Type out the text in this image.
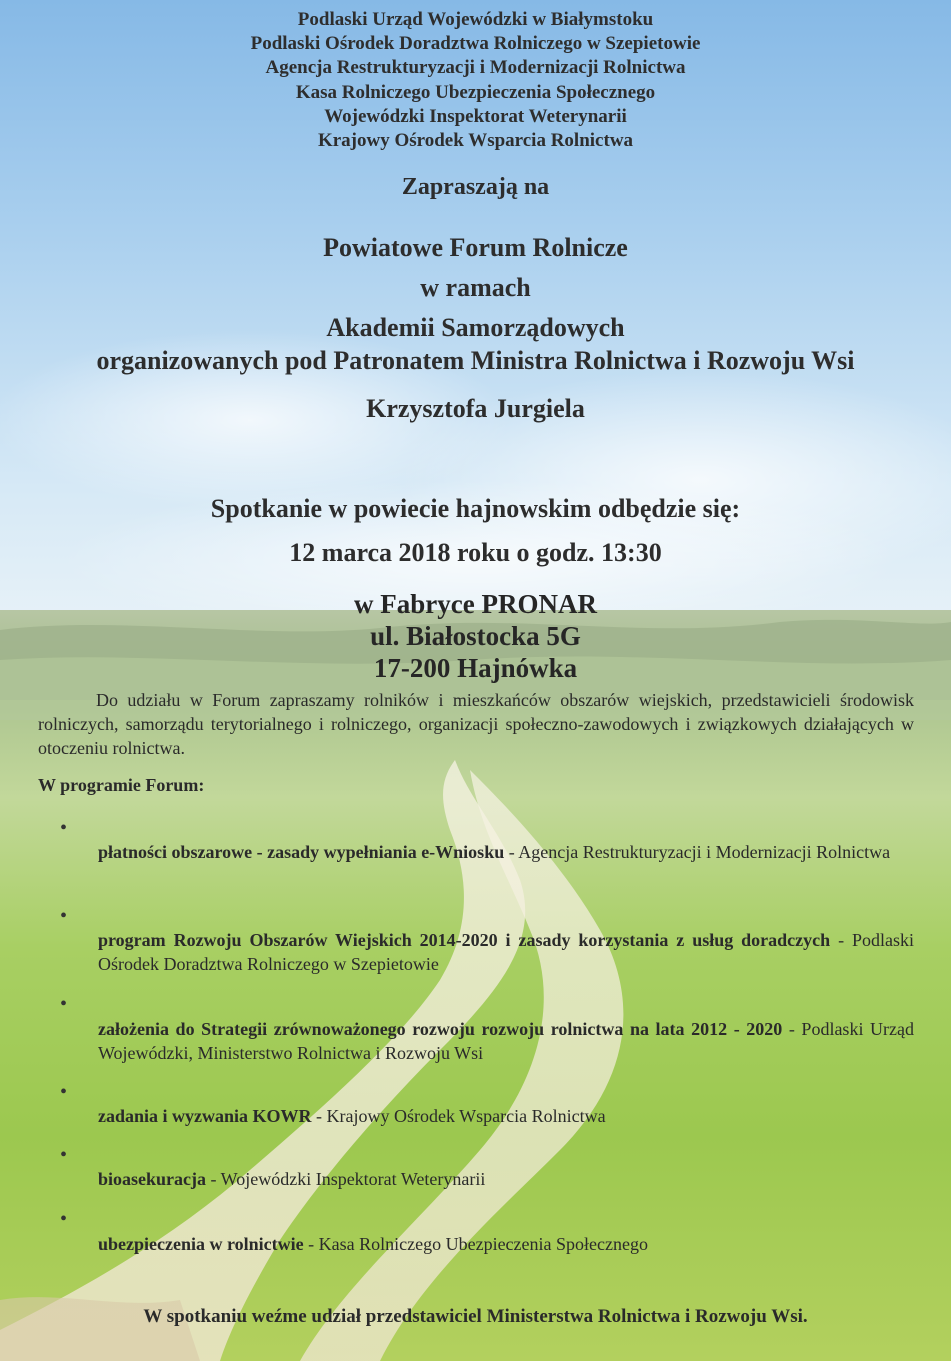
Podlaski Urząd Wojewódzki w Białymstoku
Podlaski Ośrodek Doradztwa Rolniczego w Szepietowie
Agencja Restrukturyzacji i Modernizacji Rolnictwa
Kasa Rolniczego Ubezpieczenia Społecznego
Wojewódzki Inspektorat Weterynarii
Krajowy Ośrodek Wsparcia Rolnictwa
Zapraszają na
Powiatowe Forum Rolnicze
w ramach
Akademii Samorządowych
organizowanych pod Patronatem Ministra Rolnictwa i Rozwoju Wsi
Krzysztofa Jurgiela
Spotkanie w powiecie hajnowskim odbędzie się:
12 marca 2018 roku o godz. 13:30
w Fabryce PRONAR
ul. Białostocka 5G
17-200 Hajnówka
Do udziału w Forum zapraszamy rolników i mieszkańców obszarów wiejskich, przedstawicieli środowisk rolniczych, samorządu terytorialnego i rolniczego, organizacji społeczno-zawodowych i związkowych działających w otoczeniu rolnictwa.
W programie Forum:
•
płatności obszarowe - zasady wypełniania e-Wniosku - Agencja Restrukturyzacji i Modernizacji Rolnictwa
•
program Rozwoju Obszarów Wiejskich 2014-2020 i zasady korzystania z usług doradczych - Podlaski Ośrodek Doradztwa Rolniczego w Szepietowie
•
założenia do Strategii zrównoważonego rozwoju rozwoju rolnictwa na lata 2012 - 2020 - Podlaski Urząd Wojewódzki, Ministerstwo Rolnictwa i Rozwoju Wsi
•
zadania i wyzwania KOWR - Krajowy Ośrodek Wsparcia Rolnictwa
•
bioasekuracja - Wojewódzki Inspektorat Weterynarii
•
ubezpieczenia w rolnictwie - Kasa Rolniczego Ubezpieczenia Społecznego
W spotkaniu weźme udział przedstawiciel Ministerstwa Rolnictwa i Rozwoju Wsi.
